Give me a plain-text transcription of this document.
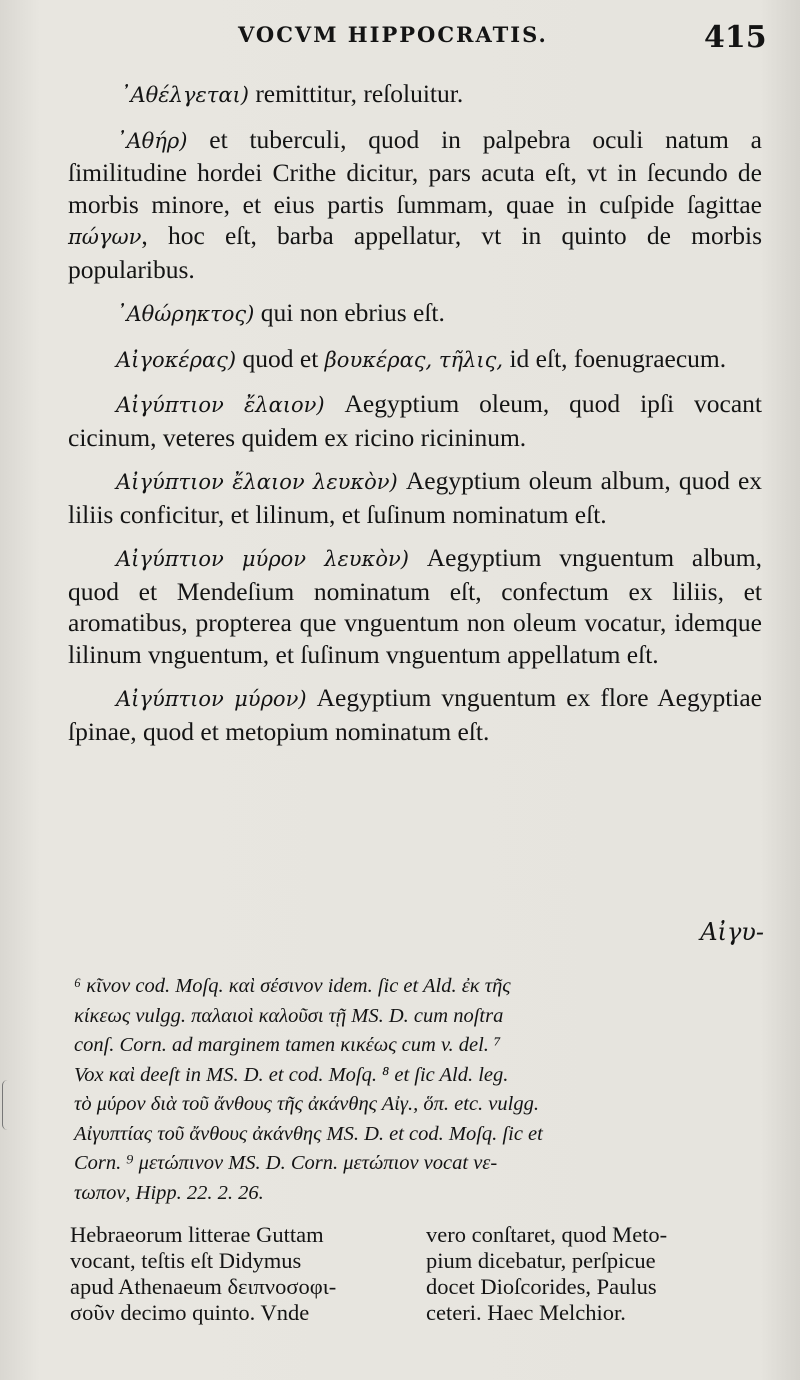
VOCVM HIPPOCRATIS.	415

᾿Αθέλγεται) remittitur, reſoluitur.

᾿Αθήρ) et tuberculi, quod in palpebra oculi natum a ſimilitudine hordei Crithe dicitur, pars acuta eſt, vt in ſecundo de morbis minore, et eius partis ſummam, quae in cuſpide ſagittae πώγων, hoc eſt, barba appellatur, vt in quinto de morbis popularibus.

᾿Αθώρηκτος) qui non ebrius eſt.

Αἰγοκέρας) quod et βουκέρας, τῆλις, id eſt, foenugraecum.

Αἰγύπτιον ἔλαιον) Aegyptium oleum, quod ipſi vocant cicinum, veteres quidem ex ricino ricininum.

Αἰγύπτιον ἔλαιον λευκὸν) Aegyptium oleum album, quod ex liliis conficitur, et lilinum, et ſuſinum nominatum eſt.

Αἰγύπτιον μύρον λευκὸν) Aegyptium vnguentum album, quod et Mendeſium nominatum eſt, confectum ex liliis, et aromatibus, propterea que vnguentum non oleum vocatur, idemque lilinum vnguentum, et ſuſinum vnguentum appellatum eſt.

Αἰγύπτιον μύρον) Aegyptium vnguentum ex flore Aegyptiae ſpinae, quod et metopium nominatum eſt.

Αἰγυ-
⁶ κῖνον cod. Moſq. καὶ σέσινον idem. ſic et Ald. ἐκ τῆς
κίκεως vulgg. παλαιοὶ καλοῦσι τῇ MS. D. cum noſtra
conſ. Corn. ad marginem tamen κικέως cum v. del. ⁷
Vox καὶ deeſt in MS. D. et cod. Moſq. ⁸ et ſic Ald. leg.
τὸ μύρον διὰ τοῦ ἄνθους τῆς ἀκάνθης Αἰγ., ὅπ. etc. vulgg.
Αἰγυπτίας τοῦ ἄνθους ἀκάνθης MS. D. et cod. Moſq. ſic et
Corn. ⁹ μετώπινον MS. D. Corn. μετώπιον vocat νε-
τωπον, Hipp. 22. 2. 26.
Hebraeorum litterae Guttam
vocant, teſtis eſt Didymus
apud Athenaeum δειπνοσοφι-
σοῦν decimo quinto. Vnde
vero conſtaret, quod Meto-
pium dicebatur, perſpicue
docet Dioſcorides, Paulus
ceteri. Haec Melchior.
